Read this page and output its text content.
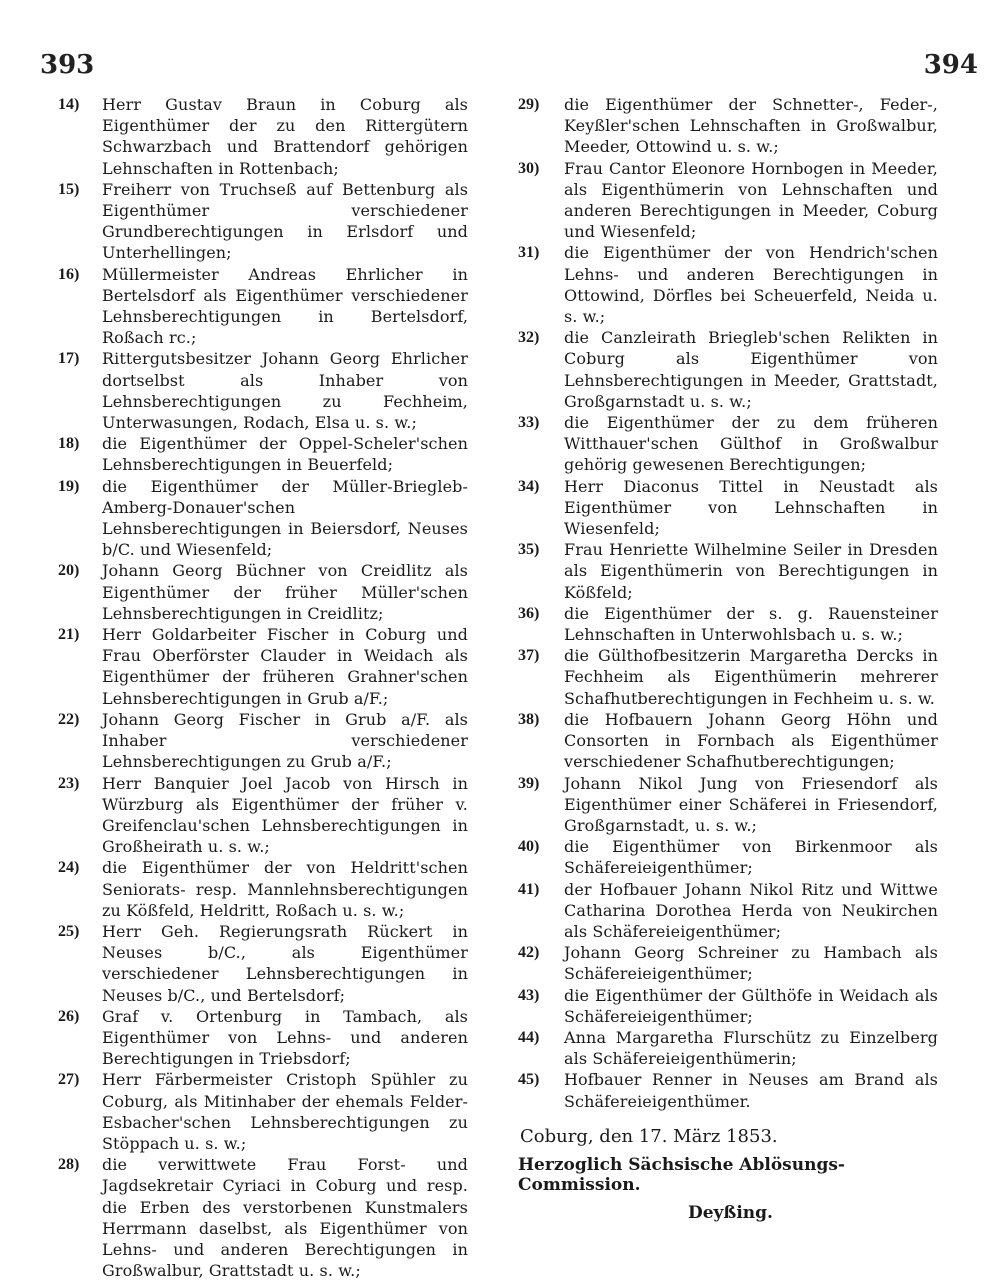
393	394
14)	Herr Gustav Braun in Coburg als Eigenthümer der zu den Rittergütern Schwarzbach und Brattendorf gehörigen Lehnschaften in Rottenbach;
15)	Freiherr von Truchseß auf Bettenburg als Eigenthümer verschiedener Grundberechtigungen in Erlsdorf und Unterhellingen;
16)	Müllermeister Andreas Ehrlicher in Bertelsdorf als Eigenthümer verschiedener Lehnsberechtigungen in Bertelsdorf, Roßach rc.;
17)	Rittergutsbesitzer Johann Georg Ehrlicher dortselbst als Inhaber von Lehnsberechtigungen zu Fechheim, Unterwasungen, Rodach, Elsa u. s. w.;
18)	die Eigenthümer der Oppel-Scheler'schen Lehnsberechtigungen in Beuerfeld;
19)	die Eigenthümer der Müller-Briegleb-Amberg-Donauer'schen Lehnsberechtigungen in Beiersdorf, Neuses b/C. und Wiesenfeld;
20)	Johann Georg Büchner von Creidlitz als Eigenthümer der früher Müller'schen Lehnsberechtigungen in Creidlitz;
21)	Herr Goldarbeiter Fischer in Coburg und Frau Oberförster Clauder in Weidach als Eigenthümer der früheren Grahner'schen Lehnsberechtigungen in Grub a/F.;
22)	Johann Georg Fischer in Grub a/F. als Inhaber verschiedener Lehnsberechtigungen zu Grub a/F.;
23)	Herr Banquier Joel Jacob von Hirsch in Würzburg als Eigenthümer der früher v. Greifenclau'schen Lehnsberechtigungen in Großheirath u. s. w.;
24)	die Eigenthümer der von Heldritt'schen Seniorats- resp. Mannlehnsberechtigungen zu Kößfeld, Heldritt, Roßach u. s. w.;
25)	Herr Geh. Regierungsrath Rückert in Neuses b/C., als Eigenthümer verschiedener Lehnsberechtigungen in Neuses b/C., und Bertelsdorf;
26)	Graf v. Ortenburg in Tambach, als Eigenthümer von Lehns- und anderen Berechtigungen in Triebsdorf;
27)	Herr Färbermeister Cristoph Spühler zu Coburg, als Mitinhaber der ehemals Felder-Esbacher'schen Lehnsberechtigungen zu Stöppach u. s. w.;
28)	die verwittwete Frau Forst- und Jagdsekretair Cyriaci in Coburg und resp. die Erben des verstorbenen Kunstmalers Herrmann daselbst, als Eigenthümer von Lehns- und anderen Berechtigungen in Großwalbur, Grattstadt u. s. w.;
29)	die Eigenthümer der Schnetter-, Feder-, Keyßler'schen Lehnschaften in Großwalbur, Meeder, Ottowind u. s. w.;
30)	Frau Cantor Eleonore Hornbogen in Meeder, als Eigenthümerin von Lehnschaften und anderen Berechtigungen in Meeder, Coburg und Wiesenfeld;
31)	die Eigenthümer der von Hendrich'schen Lehns- und anderen Berechtigungen in Ottowind, Dörfles bei Scheuerfeld, Neida u. s. w.;
32)	die Canzleirath Briegleb'schen Relikten in Coburg als Eigenthümer von Lehnsberechtigungen in Meeder, Grattstadt, Großgarnstadt u. s. w.;
33)	die Eigenthümer der zu dem früheren Witthauer'schen Gülthof in Großwalbur gehörig gewesenen Berechtigungen;
34)	Herr Diaconus Tittel in Neustadt als Eigenthümer von Lehnschaften in Wiesenfeld;
35)	Frau Henriette Wilhelmine Seiler in Dresden als Eigenthümerin von Berechtigungen in Kößfeld;
36)	die Eigenthümer der s. g. Rauensteiner Lehnschaften in Unterwohlsbach u. s. w.;
37)	die Gülthofbesitzerin Margaretha Dercks in Fechheim als Eigenthümerin mehrerer Schafhutberechtigungen in Fechheim u. s. w.
38)	die Hofbauern Johann Georg Höhn und Consorten in Fornbach als Eigenthümer verschiedener Schafhutberechtigungen;
39)	Johann Nikol Jung von Friesendorf als Eigenthümer einer Schäferei in Friesendorf, Großgarnstadt, u. s. w.;
40)	die Eigenthümer von Birkenmoor als Schäfereieigenthümer;
41)	der Hofbauer Johann Nikol Ritz und Wittwe Catharina Dorothea Herda von Neukirchen als Schäfereieigenthümer;
42)	Johann Georg Schreiner zu Hambach als Schäfereieigenthümer;
43)	die Eigenthümer der Gülthöfe in Weidach als Schäfereieigenthümer;
44)	Anna Margaretha Flurschütz zu Einzelberg als Schäfereieigenthümerin;
45)	Hofbauer Renner in Neuses am Brand als Schäfereieigenthümer.
Coburg, den 17. März 1853.
Herzoglich Sächsische Ablösungs-Commission.
Deyßing.
